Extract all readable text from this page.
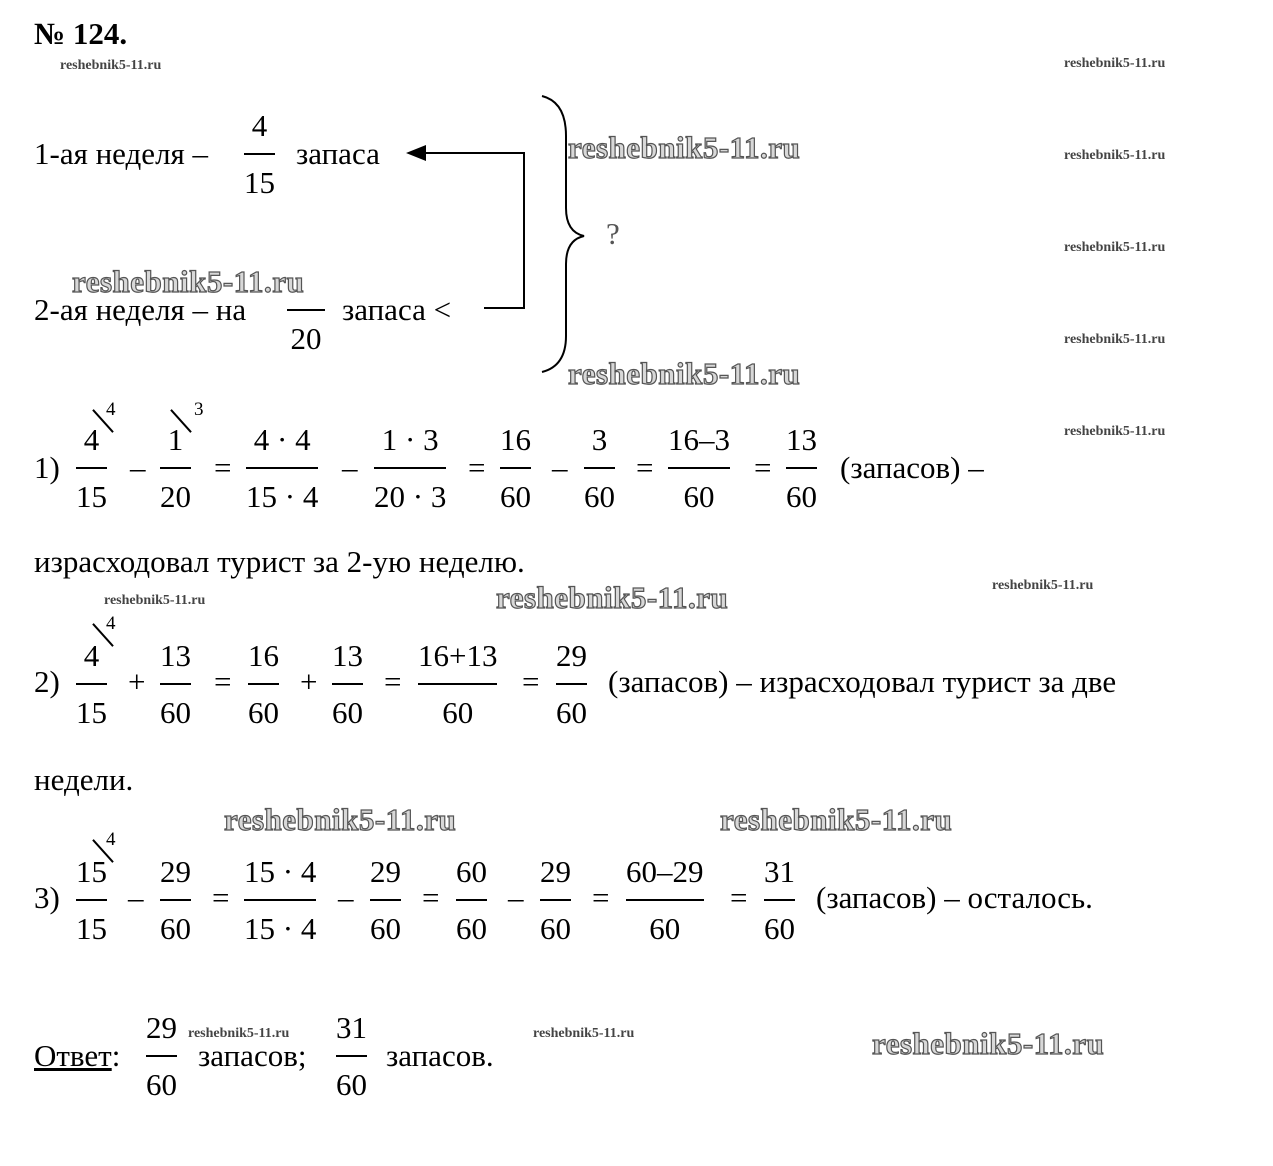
№ 124.
reshebnik5-11.ru	reshebnik5-11.ru
reshebnik5-11.ru
reshebnik5-11.ru
reshebnik5-11.ru
reshebnik5-11.ru
reshebnik5-11.ru
reshebnik5-11.ru
reshebnik5-11.ru	reshebnik5-11.ru
reshebnik5-11.ru
reshebnik5-11.ru
reshebnik5-11.ru
reshebnik5-11.ru
reshebnik5-11.ru	reshebnik5-11.ru
reshebnik5-11.ru
1-ая неделя –
4
15
запаса
2-ая неделя – на
20
запаса <
?
1)
4
15
4
–
1
20
3
=
4 · 4
15 · 4
–
1 · 3
20 · 3
=
16
60
–
3
60
=
16–3
60
=
13
60
(запасов) –
израсходовал турист за 2-ую неделю.
2)
4
15
4
+
13
60
=
16
60
+
13
60
=
16+13
60
=
29
60
(запасов) – израсходовал турист за две
недели.
3)
15
15
4
–
29
60
=
15 · 4
15 · 4
–
29
60
=
60
60
–
29
60
=
60–29
60
=
31
60
(запасов) – осталось.
Ответ:
29
60
запасов;
31
60
запасов.
